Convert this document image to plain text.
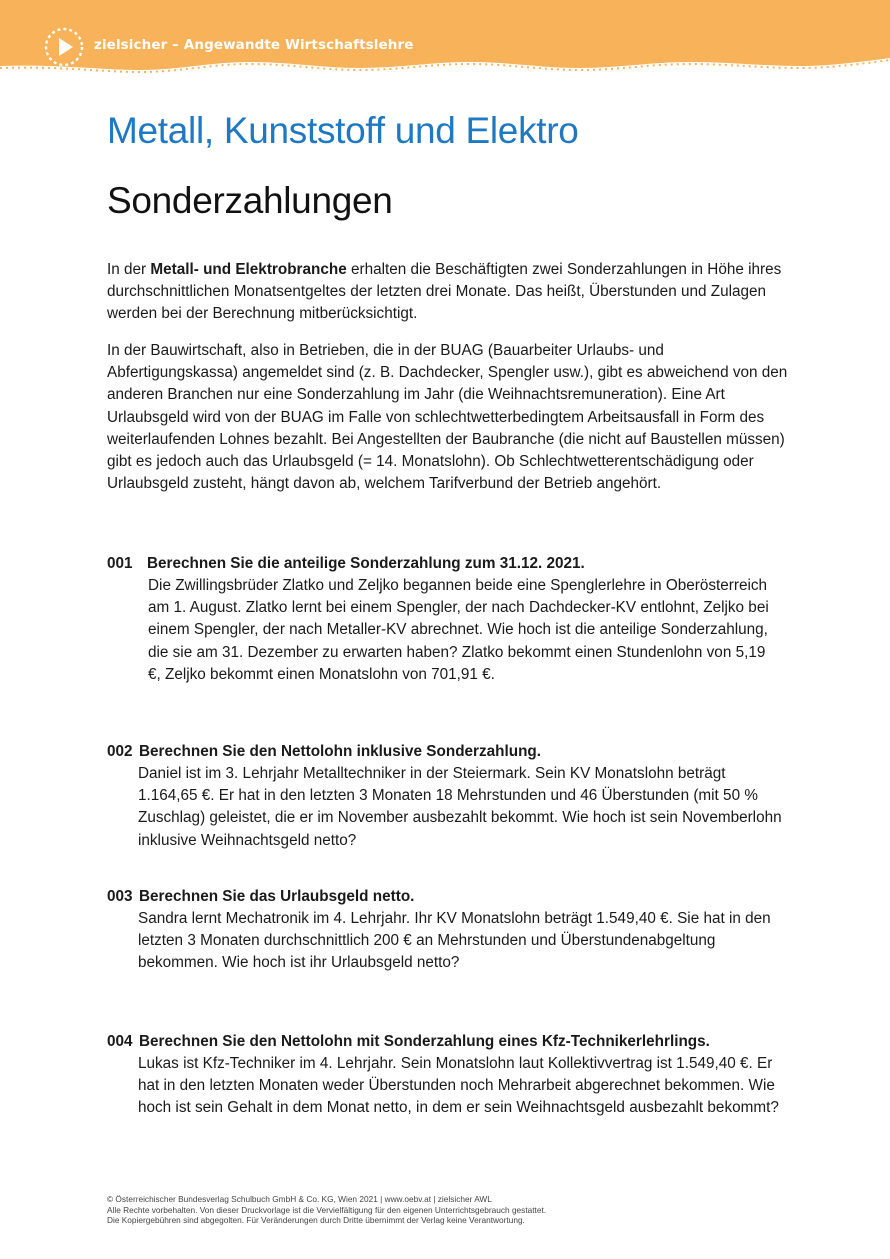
zielsicher – Angewandte Wirtschaftslehre
Metall, Kunststoff und Elektro
Sonderzahlungen

In der Metall- und Elektrobranche erhalten die Beschäftigten zwei Sonderzahlungen in Höhe ihres durchschnittlichen Monatsentgeltes der letzten drei Monate. Das heißt, Überstunden und Zulagen werden bei der Berechnung mitberücksichtigt.

In der Bauwirtschaft, also in Betrieben, die in der BUAG (Bauarbeiter Urlaubs- und Abfertigungskassa) angemeldet sind (z. B. Dachdecker, Spengler usw.), gibt es abweichend von den anderen Branchen nur eine Sonderzahlung im Jahr (die Weihnachtsremuneration). Eine Art Urlaubsgeld wird von der BUAG im Falle von schlechtwetterbedingtem Arbeitsausfall in Form des weiterlaufenden Lohnes bezahlt. Bei Angestellten der Baubranche (die nicht auf Baustellen müssen) gibt es jedoch auch das Urlaubsgeld (= 14. Monatslohn). Ob Schlechtwetterentschädigung oder Urlaubsgeld zusteht, hängt davon ab, welchem Tarifverbund der Betrieb angehört.

001 Berechnen Sie die anteilige Sonderzahlung zum 31.12. 2021.

Die Zwillingsbrüder Zlatko und Zeljko begannen beide eine Spenglerlehre in Oberösterreich am 1. August. Zlatko lernt bei einem Spengler, der nach Dachdecker-KV entlohnt, Zeljko bei einem Spengler, der nach Metaller-KV abrechnet. Wie hoch ist die anteilige Sonderzahlung, die sie am 31. Dezember zu erwarten haben? Zlatko bekommt einen Stundenlohn von 5,19 €, Zeljko bekommt einen Monatslohn von 701,91 €.

002 Berechnen Sie den Nettolohn inklusive Sonderzahlung.

Daniel ist im 3. Lehrjahr Metalltechniker in der Steiermark. Sein KV Monatslohn beträgt 1.164,65 €. Er hat in den letzten 3 Monaten 18 Mehrstunden und 46 Überstunden (mit 50 % Zuschlag) geleistet, die er im November ausbezahlt bekommt. Wie hoch ist sein Novemberlohn inklusive Weihnachtsgeld netto?

003 Berechnen Sie das Urlaubsgeld netto.

Sandra lernt Mechatronik im 4. Lehrjahr. Ihr KV Monatslohn beträgt 1.549,40 €. Sie hat in den letzten 3 Monaten durchschnittlich 200 € an Mehrstunden und Überstundenabgeltung bekommen. Wie hoch ist ihr Urlaubsgeld netto?

004 Berechnen Sie den Nettolohn mit Sonderzahlung eines Kfz-Technikerlehrlings.

Lukas ist Kfz-Techniker im 4. Lehrjahr. Sein Monatslohn laut Kollektivvertrag ist 1.549,40 €. Er hat in den letzten Monaten weder Überstunden noch Mehrarbeit abgerechnet bekommen. Wie hoch ist sein Gehalt in dem Monat netto, in dem er sein Weihnachtsgeld ausbezahlt bekommt?

© Österreichischer Bundesverlag Schulbuch GmbH & Co. KG, Wien 2021 | www.oebv.at | zielsicher AWL
Alle Rechte vorbehalten. Von dieser Druckvorlage ist die Vervielfältigung für den eigenen Unterrichtsgebrauch gestattet.
Die Kopiergebühren sind abgegolten. Für Veränderungen durch Dritte übernimmt der Verlag keine Verantwortung.
